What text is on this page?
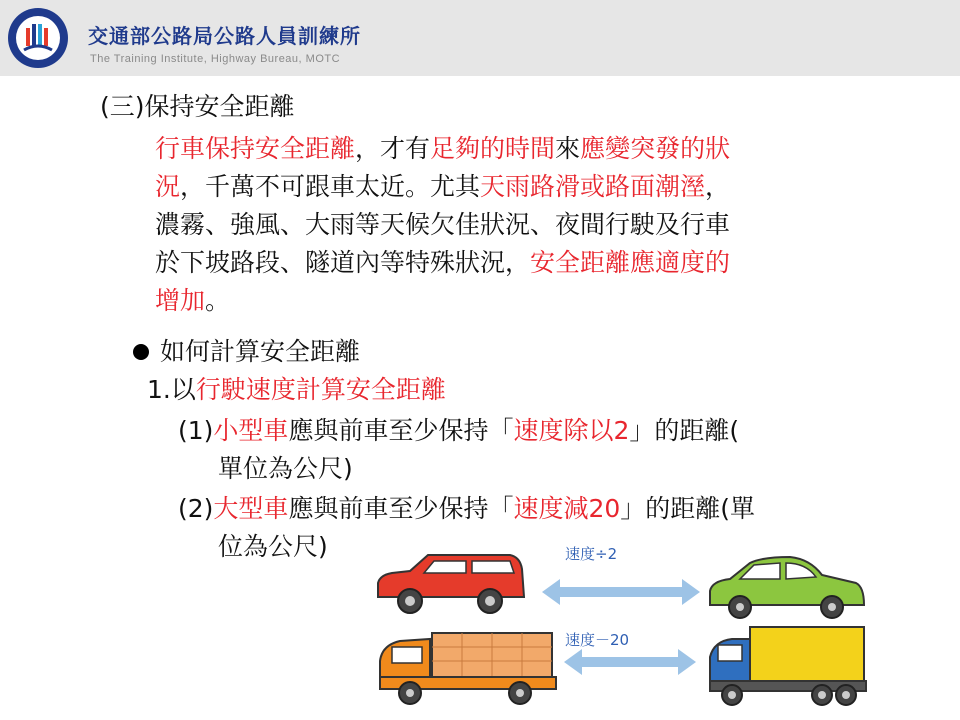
交通部公路局公路人員訓練所
The Training Institute, Highway Bureau, MOTC
(三)保持安全距離
行車保持安全距離，才有足夠的時間來應變突發的狀
況，千萬不可跟車太近。尤其天雨路滑或路面潮溼，
濃霧、強風、大雨等天候欠佳狀況、夜間行駛及行車
於下坡路段、隧道內等特殊狀況，安全距離應適度的
增加。
如何計算安全距離
1.以行駛速度計算安全距離
(1)小型車應與前車至少保持「速度除以2」的距離(
單位為公尺)
(2)大型車應與前車至少保持「速度減20」的距離(單
位為公尺)	速度÷2
速度－20
